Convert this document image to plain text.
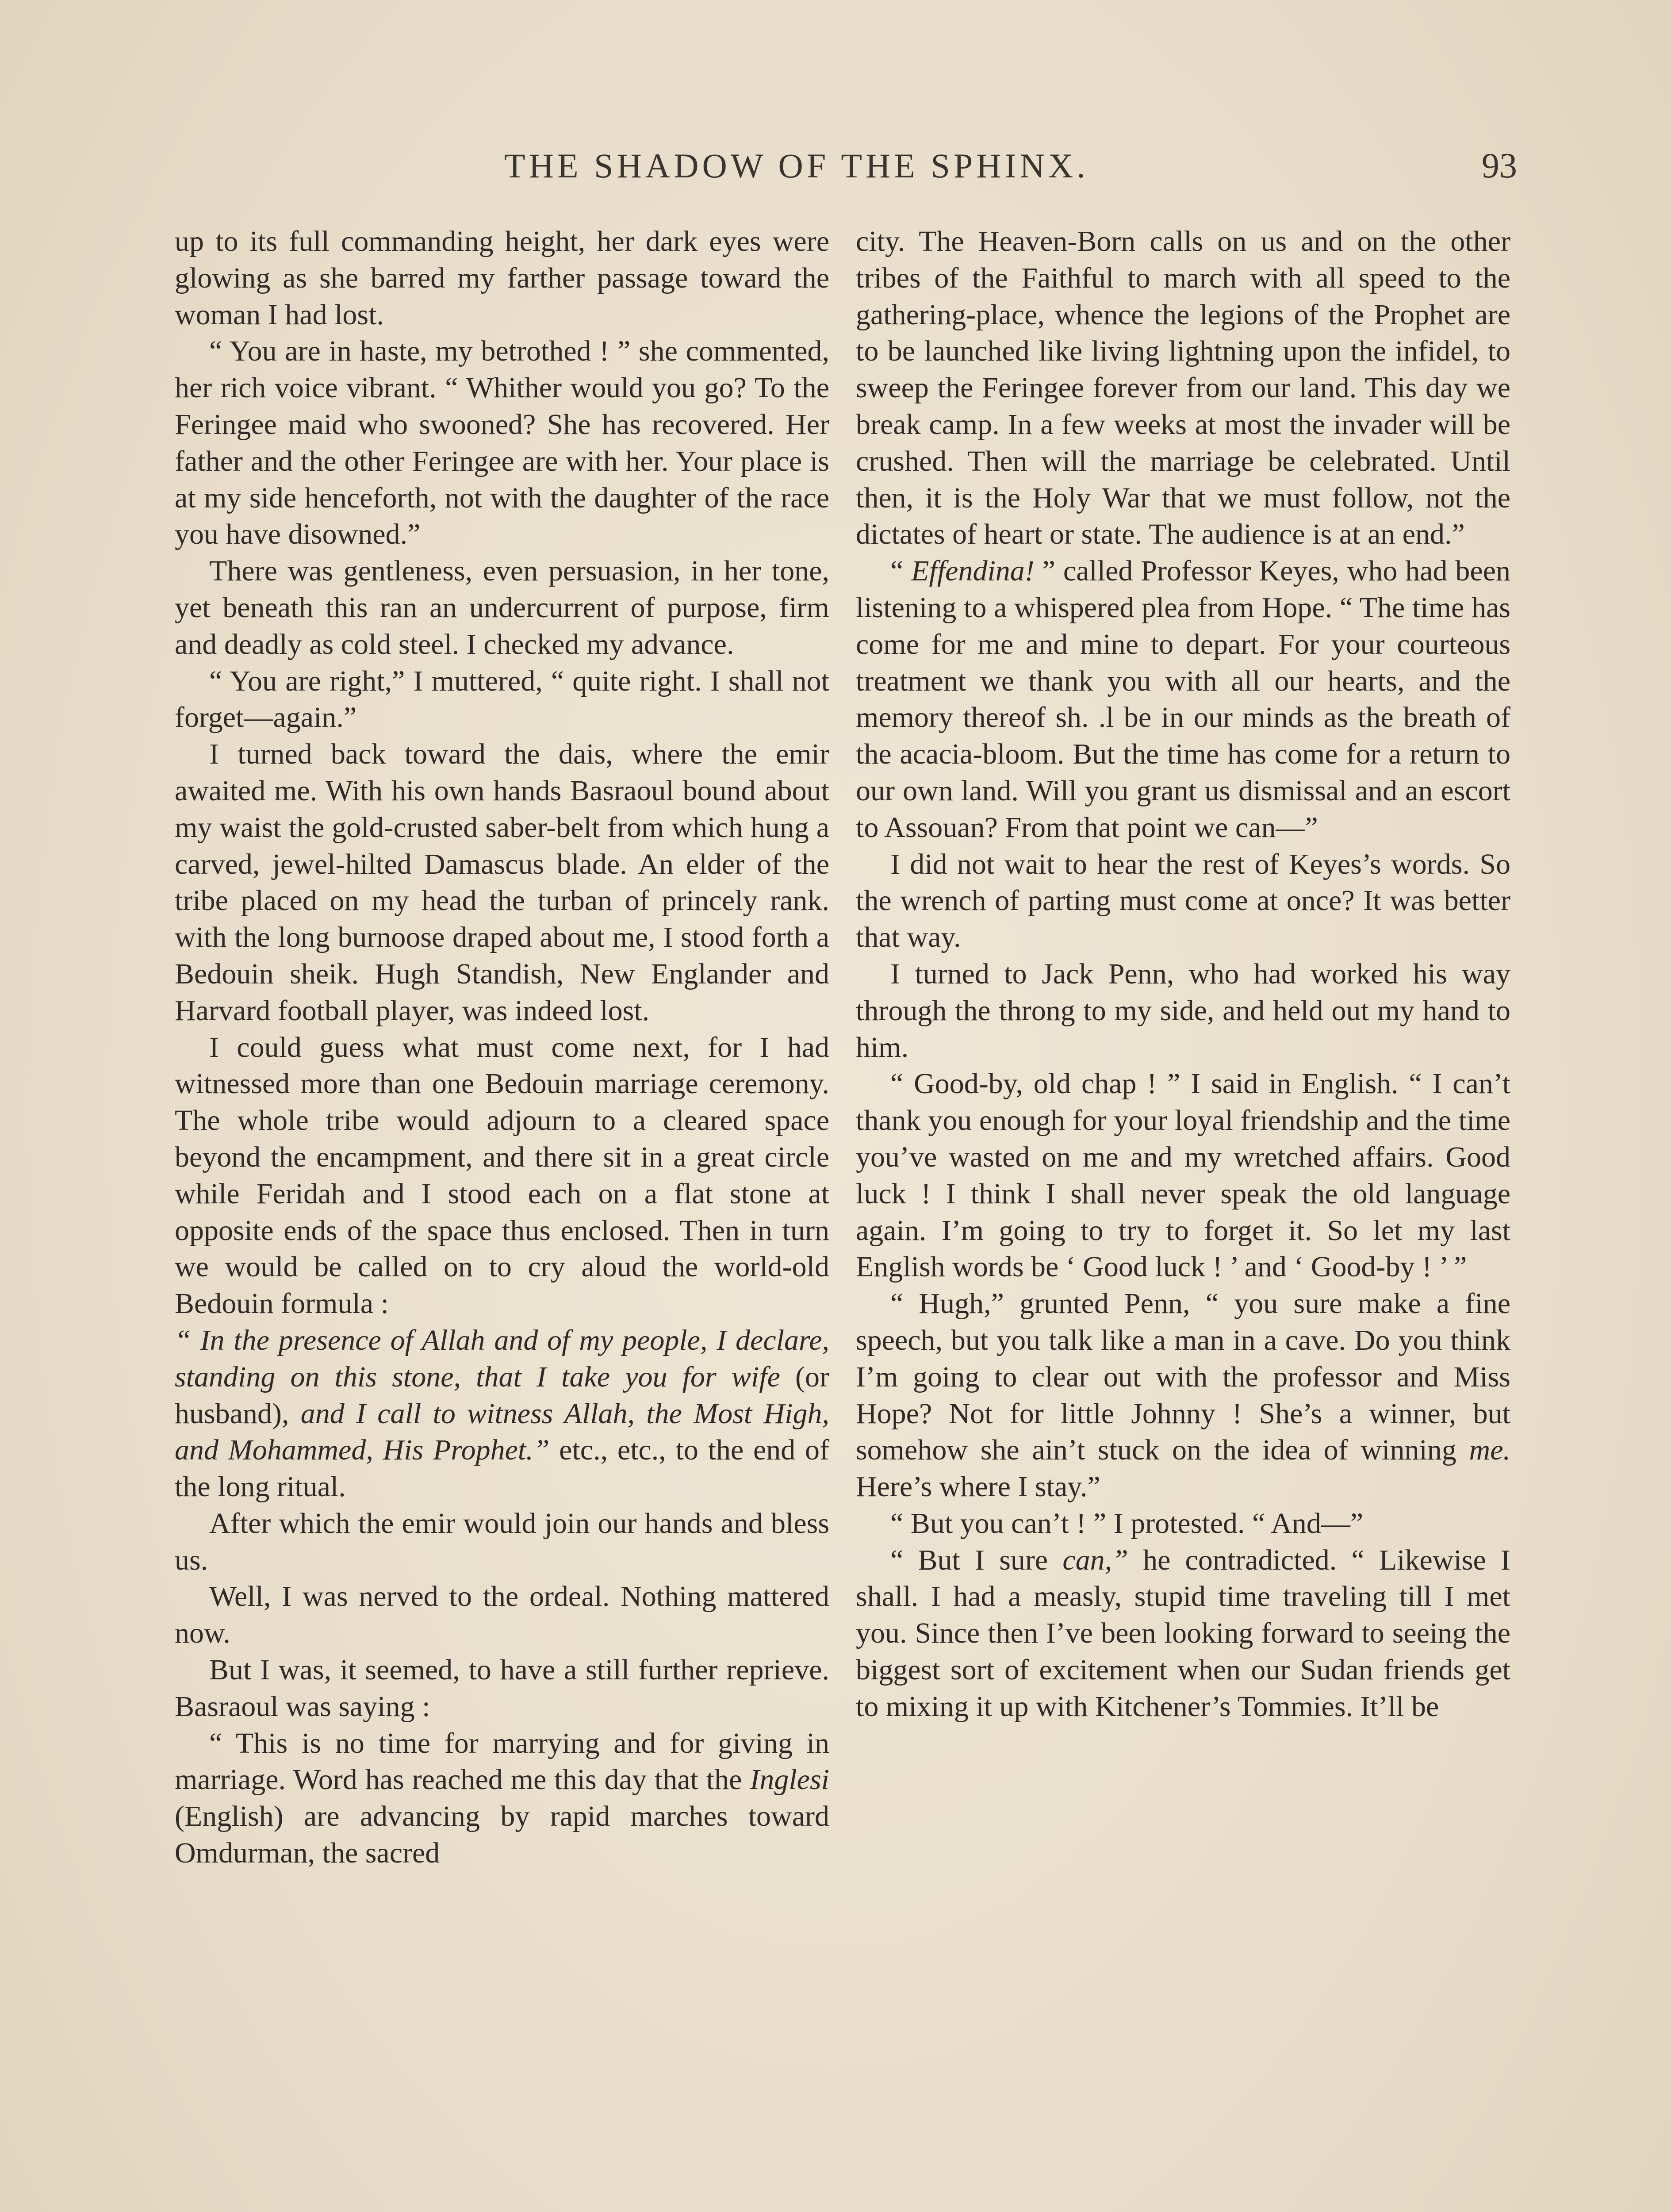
THE SHADOW OF THE SPHINX.	93

up to its full commanding height, her dark eyes were glowing as she barred my farther passage toward the woman I had lost.

“ You are in haste, my betrothed ! ” she commented, her rich voice vibrant. “ Whither would you go? To the Feringee maid who swooned? She has recovered. Her father and the other Feringee are with her. Your place is at my side henceforth, not with the daughter of the race you have disowned.”

There was gentleness, even persuasion, in her tone, yet beneath this ran an undercurrent of purpose, firm and deadly as cold steel. I checked my advance.

“ You are right,” I muttered, “ quite right. I shall not forget—again.”

I turned back toward the dais, where the emir awaited me. With his own hands Basraoul bound about my waist the gold-crusted saber-belt from which hung a carved, jewel-hilted Damascus blade. An elder of the tribe placed on my head the turban of princely rank. with the long burnoose draped about me, I stood forth a Bedouin sheik. Hugh Standish, New Englander and Harvard football player, was indeed lost.

I could guess what must come next, for I had witnessed more than one Bedouin marriage ceremony. The whole tribe would adjourn to a cleared space beyond the encampment, and there sit in a great circle while Feridah and I stood each on a flat stone at opposite ends of the space thus enclosed. Then in turn we would be called on to cry aloud the world-old Bedouin formula :

“ In the presence of Allah and of my people, I declare, standing on this stone, that I take you for wife (or husband), and I call to witness Allah, the Most High, and Mohammed, His Prophet.” etc., etc., to the end of the long ritual.

After which the emir would join our hands and bless us.

Well, I was nerved to the ordeal. Nothing mattered now.

But I was, it seemed, to have a still further reprieve. Basraoul was saying :

“ This is no time for marrying and for giving in marriage. Word has reached me this day that the Inglesi (English) are advancing by rapid marches toward Omdurman, the sacred

city. The Heaven-Born calls on us and on the other tribes of the Faithful to march with all speed to the gathering-place, whence the legions of the Prophet are to be launched like living lightning upon the infidel, to sweep the Feringee forever from our land. This day we break camp. In a few weeks at most the invader will be crushed. Then will the marriage be celebrated. Until then, it is the Holy War that we must follow, not the dictates of heart or state. The audience is at an end.”

“ Effendina! ” called Professor Keyes, who had been listening to a whispered plea from Hope. “ The time has come for me and mine to depart. For your courteous treatment we thank you with all our hearts, and the memory thereof sh. .l be in our minds as the breath of the acacia-bloom. But the time has come for a return to our own land. Will you grant us dismissal and an escort to Assouan? From that point we can—”

I did not wait to hear the rest of Keyes’s words. So the wrench of parting must come at once? It was better that way.

I turned to Jack Penn, who had worked his way through the throng to my side, and held out my hand to him.

“ Good-by, old chap ! ” I said in English. “ I can’t thank you enough for your loyal friendship and the time you’ve wasted on me and my wretched affairs. Good luck ! I think I shall never speak the old language again. I’m going to try to forget it. So let my last English words be ‘ Good luck ! ’ and ‘ Good-by ! ’ ”

“ Hugh,” grunted Penn, “ you sure make a fine speech, but you talk like a man in a cave. Do you think I’m going to clear out with the professor and Miss Hope? Not for little Johnny ! She’s a winner, but somehow she ain’t stuck on the idea of winning me. Here’s where I stay.”

“ But you can’t ! ” I protested. “ And—”

“ But I sure can,” he contradicted. “ Likewise I shall. I had a measly, stupid time traveling till I met you. Since then I’ve been looking forward to seeing the biggest sort of excitement when our Sudan friends get to mixing it up with Kitchener’s Tommies. It’ll be
